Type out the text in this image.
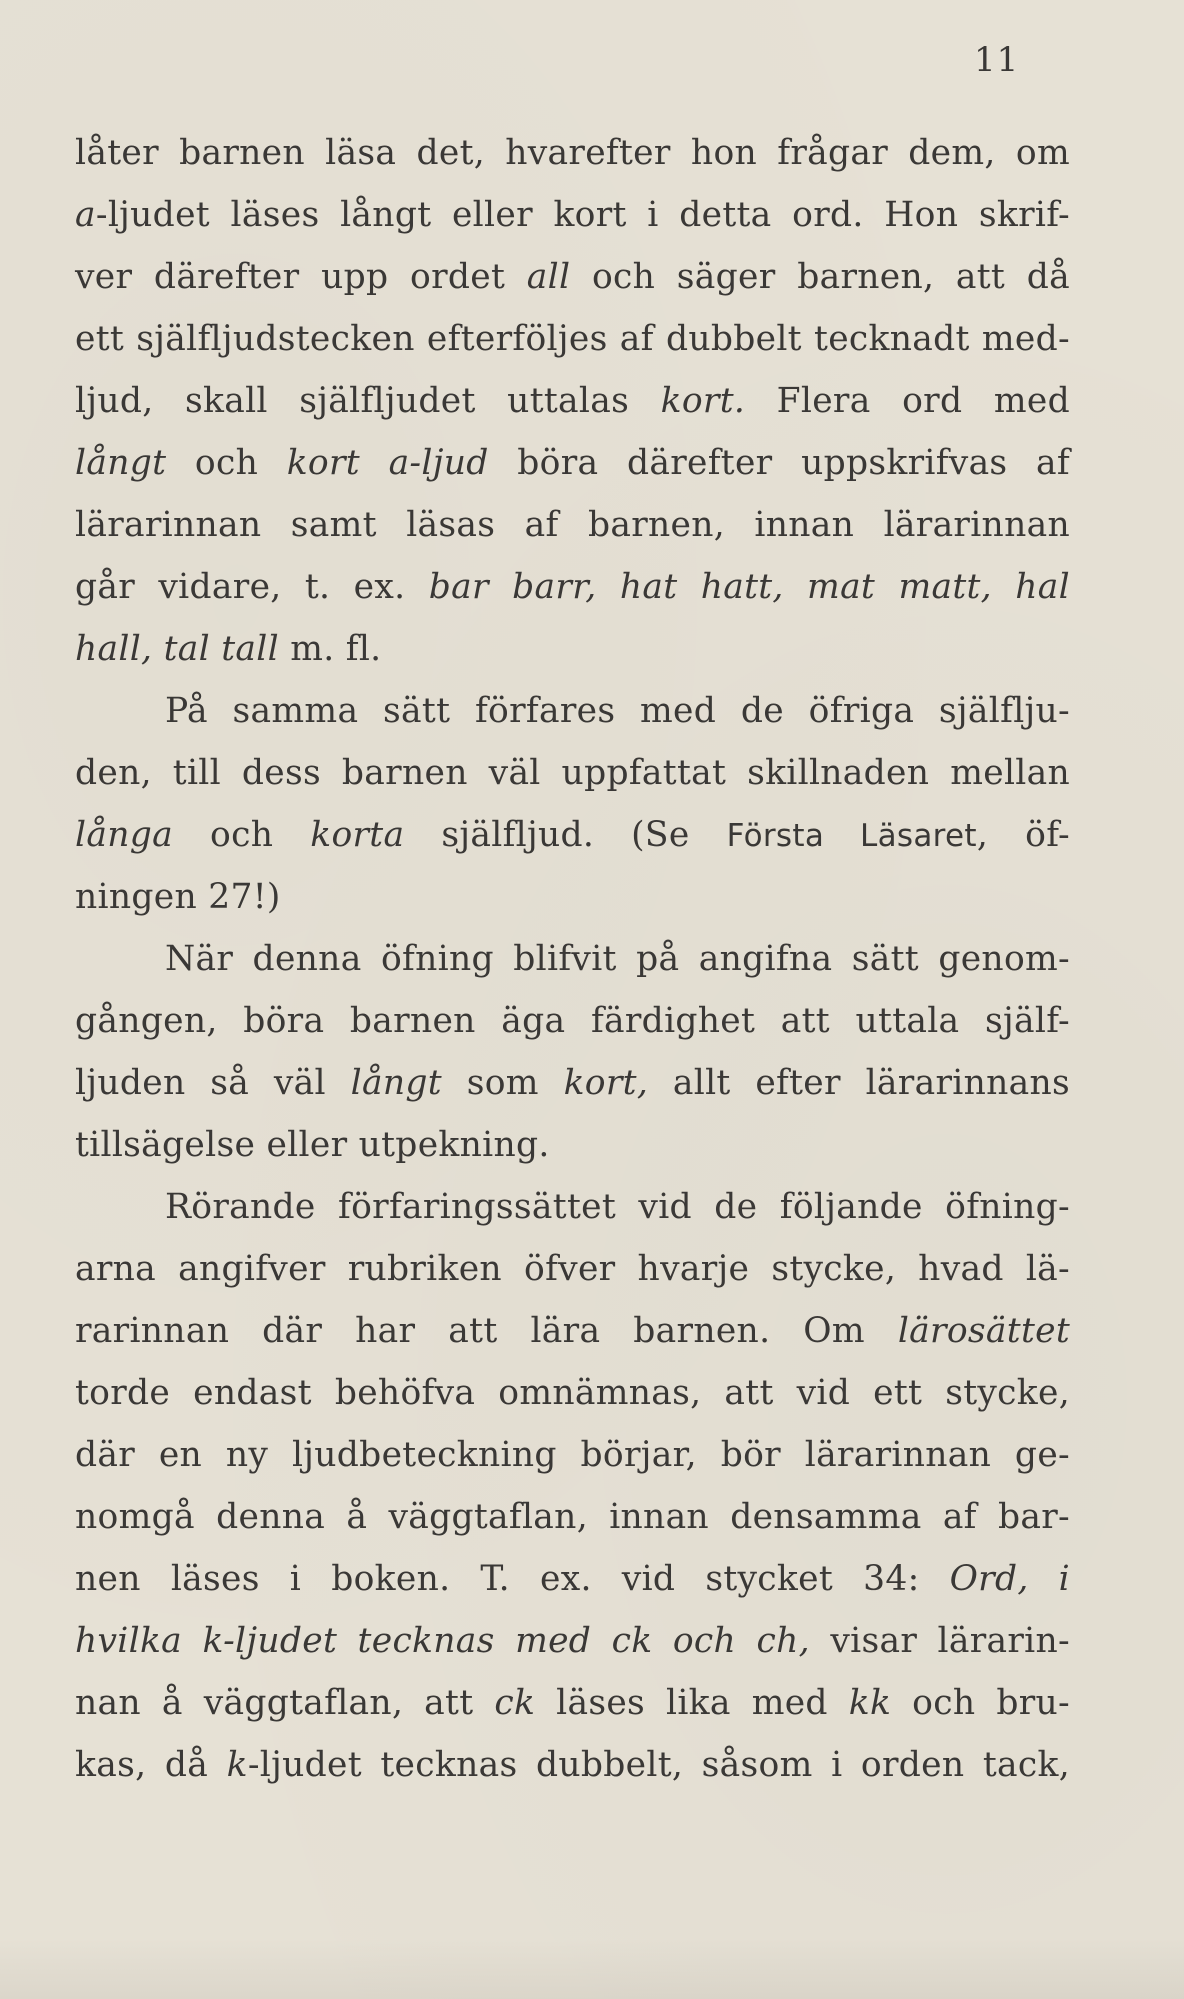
11
låter barnen läsa det, hvarefter hon frågar dem, om
a-ljudet läses långt eller kort i detta ord. Hon skrif-
ver därefter upp ordet all och säger barnen, att då
ett själfljudstecken efterföljes af dubbelt tecknadt med-
ljud, skall själfljudet uttalas kort. Flera ord med
långt och kort a-ljud böra därefter uppskrifvas af
lärarinnan samt läsas af barnen, innan lärarinnan
går vidare, t. ex. bar barr, hat hatt, mat matt, hal
hall, tal tall m. fl.
På samma sätt förfares med de öfriga själflju-
den, till dess barnen väl uppfattat skillnaden mellan
långa och korta själfljud. (Se Första Läsaret, öf-
ningen 27!)
När denna öfning blifvit på angifna sätt genom-
gången, böra barnen äga färdighet att uttala själf-
ljuden så väl långt som kort, allt efter lärarinnans
tillsägelse eller utpekning.
Rörande förfaringssättet vid de följande öfning-
arna angifver rubriken öfver hvarje stycke, hvad lä-
rarinnan där har att lära barnen. Om lärosättet
torde endast behöfva omnämnas, att vid ett stycke,
där en ny ljudbeteckning börjar, bör lärarinnan ge-
nomgå denna å väggtaflan, innan densamma af bar-
nen läses i boken. T. ex. vid stycket 34: Ord, i
hvilka k-ljudet tecknas med ck och ch, visar lärarin-
nan å väggtaflan, att ck läses lika med kk och bru-
kas, då k-ljudet tecknas dubbelt, såsom i orden tack,
